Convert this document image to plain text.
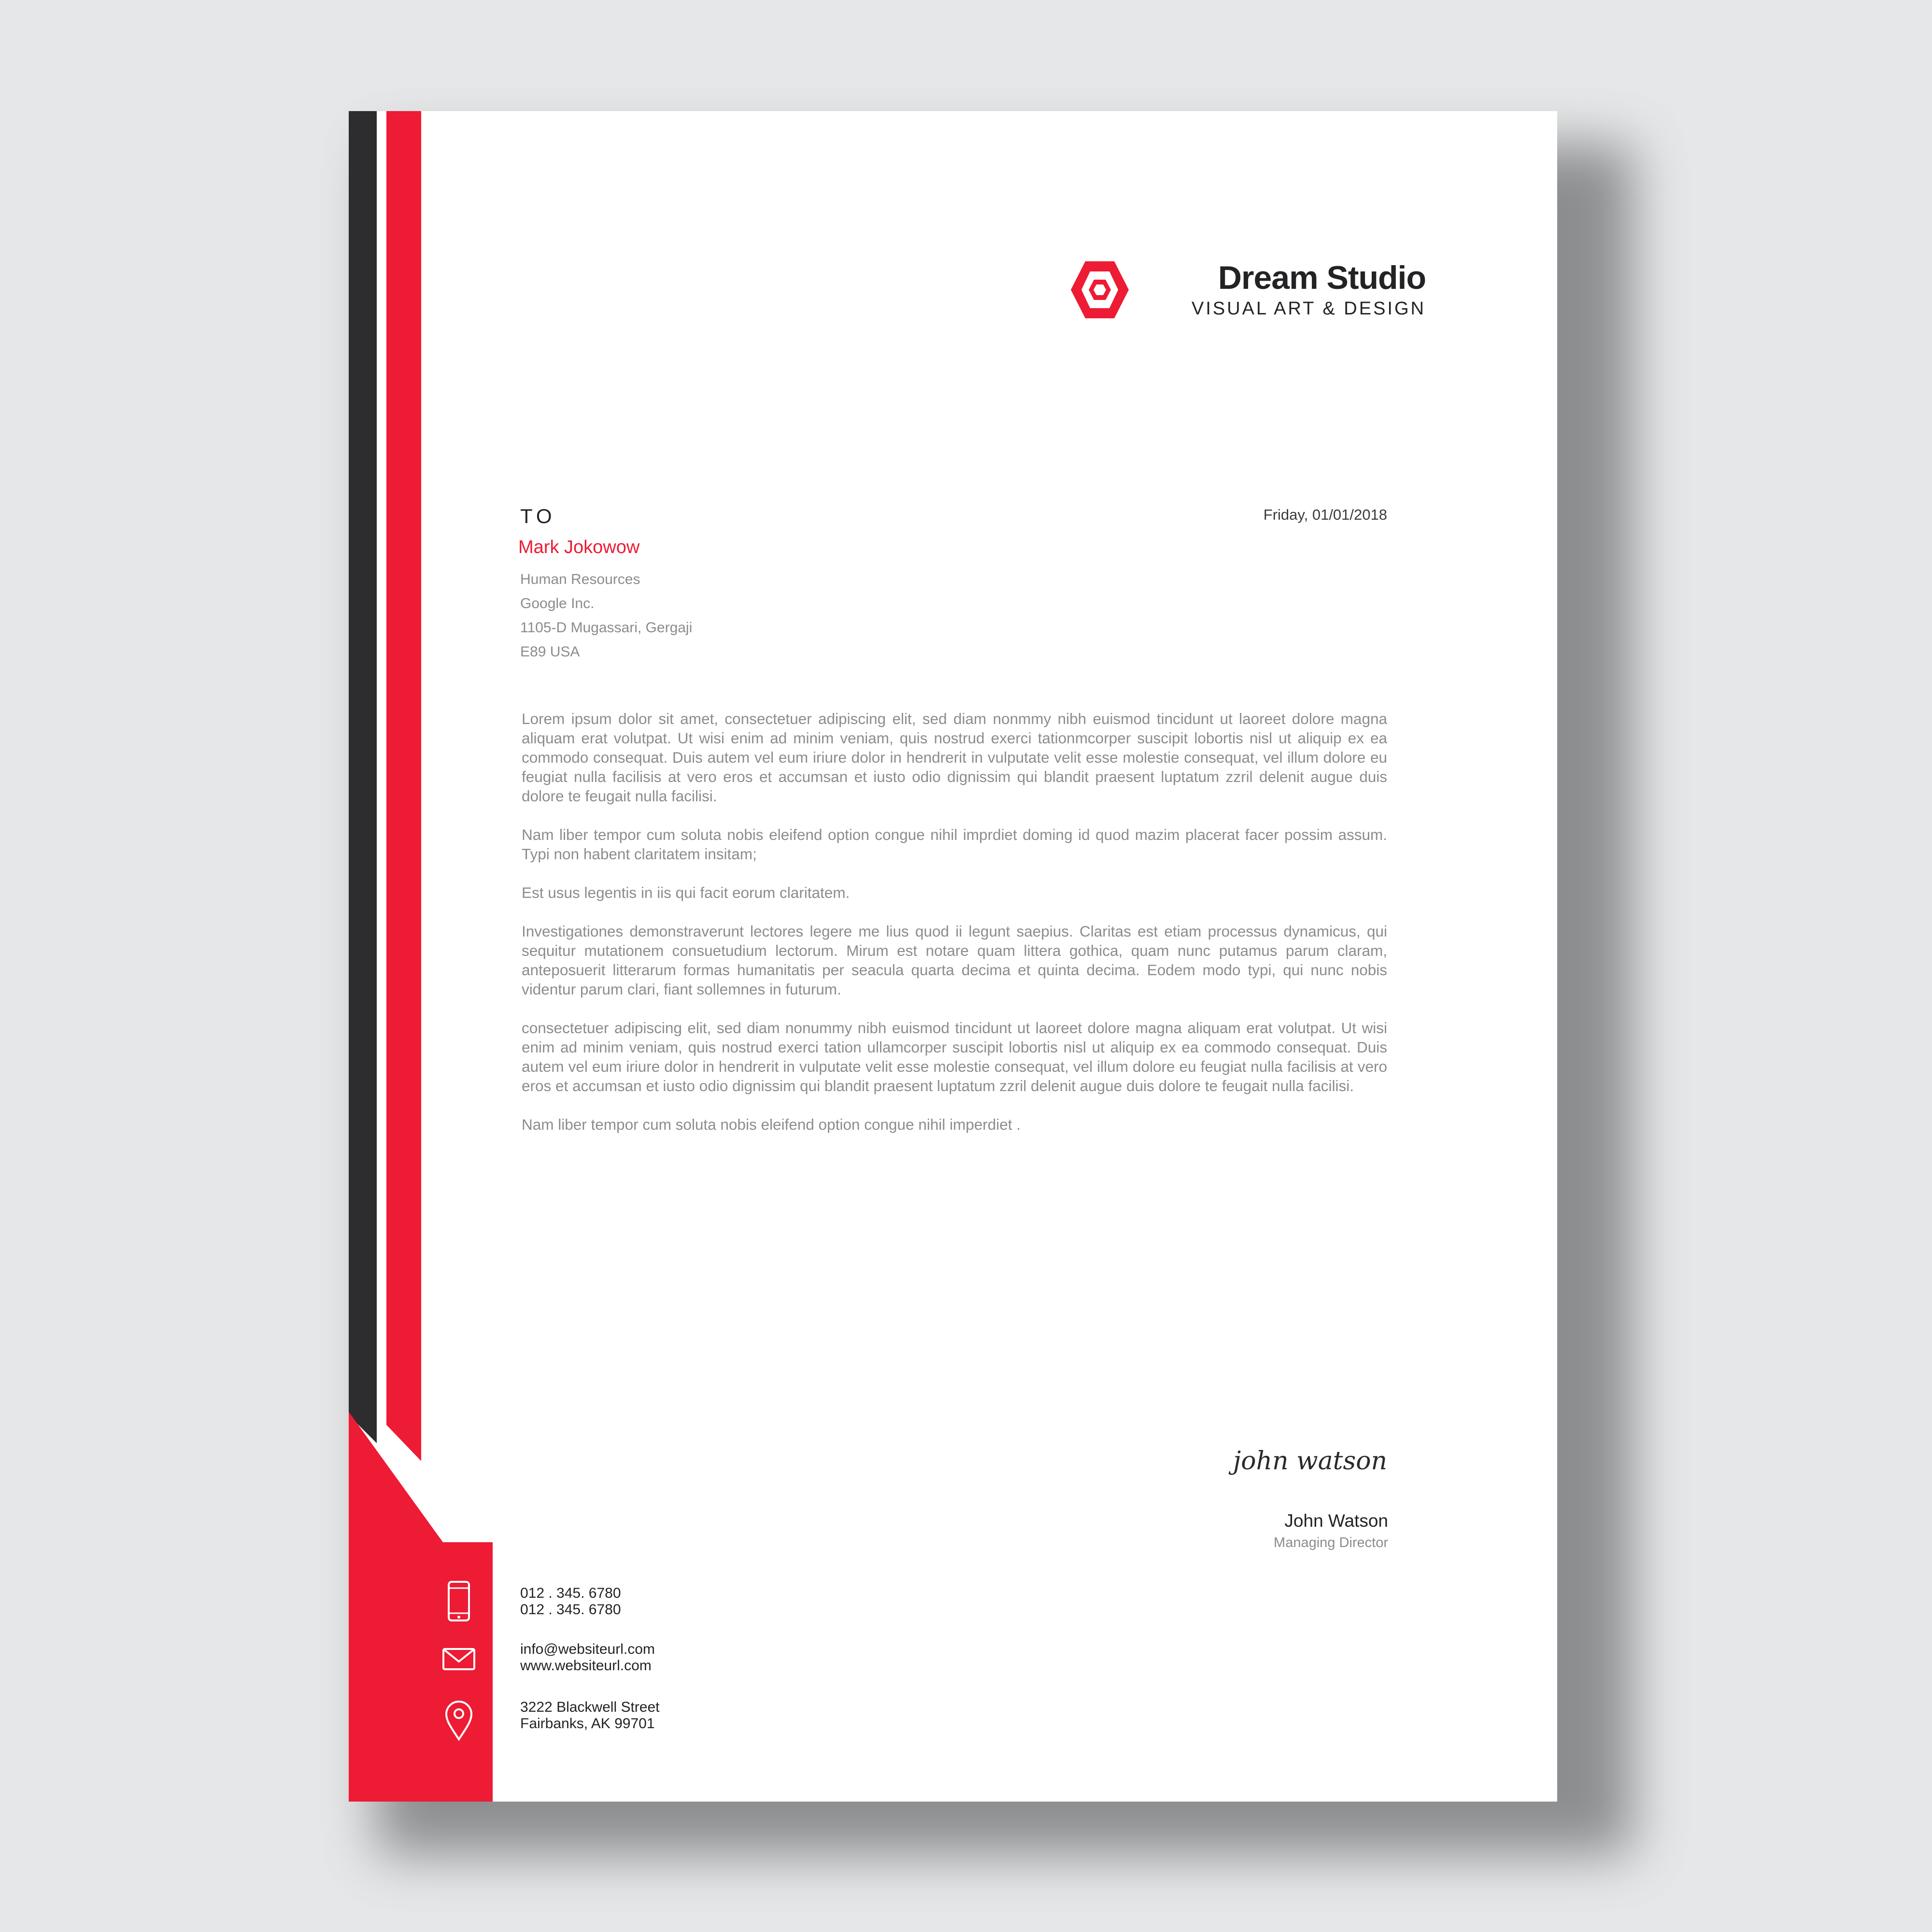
Dream Studio
VISUAL ART & DESIGN
TO	Friday, 01/01/2018
Mark Jokowow
Human Resources
Google Inc.
1105-D Mugassari, Gergaji
E89 USA

Lorem ipsum dolor sit amet, consectetuer adipiscing elit, sed diam nonmmy nibh euismod tincidunt ut laoreet dolore magna aliquam erat volutpat. Ut wisi enim ad minim veniam, quis nostrud exerci tationmcorper suscipit lobortis nisl ut aliquip ex ea commodo consequat. Duis autem vel eum iriure dolor in hendrerit in vulputate velit esse molestie consequat, vel illum dolore eu feugiat nulla facilisis at vero eros et accumsan et iusto odio dignissim qui blandit praesent luptatum zzril delenit augue duis dolore te feugait nulla facilisi.

Nam liber tempor cum soluta nobis eleifend option congue nihil imprdiet doming id quod mazim placerat facer possim assum. Typi non habent claritatem insitam;

Est usus legentis in iis qui facit eorum claritatem.

Investigationes demonstraverunt lectores legere me lius quod ii legunt saepius. Claritas est etiam processus dynamicus, qui sequitur mutationem consuetudium lectorum. Mirum est notare quam littera gothica, quam nunc putamus parum claram, anteposuerit litterarum formas humanitatis per seacula quarta decima et quinta decima. Eodem modo typi, qui nunc nobis videntur parum clari, fiant sollemnes in futurum.

consectetuer adipiscing elit, sed diam nonummy nibh euismod tincidunt ut laoreet dolore magna aliquam erat volutpat. Ut wisi enim ad minim veniam, quis nostrud exerci tation ullamcorper suscipit lobortis nisl ut aliquip ex ea commodo consequat. Duis autem vel eum iriure dolor in hendrerit in vulputate velit esse molestie consequat, vel illum dolore eu feugiat nulla facilisis at vero eros et accumsan et iusto odio dignissim qui blandit praesent luptatum zzril delenit augue duis dolore te feugait nulla facilisi.

Nam liber tempor cum soluta nobis eleifend option congue nihil imperdiet .

john watson
John Watson
Managing Director
012 . 345. 6780
012 . 345. 6780
info@websiteurl.com
www.websiteurl.com
3222 Blackwell Street
Fairbanks, AK 99701
